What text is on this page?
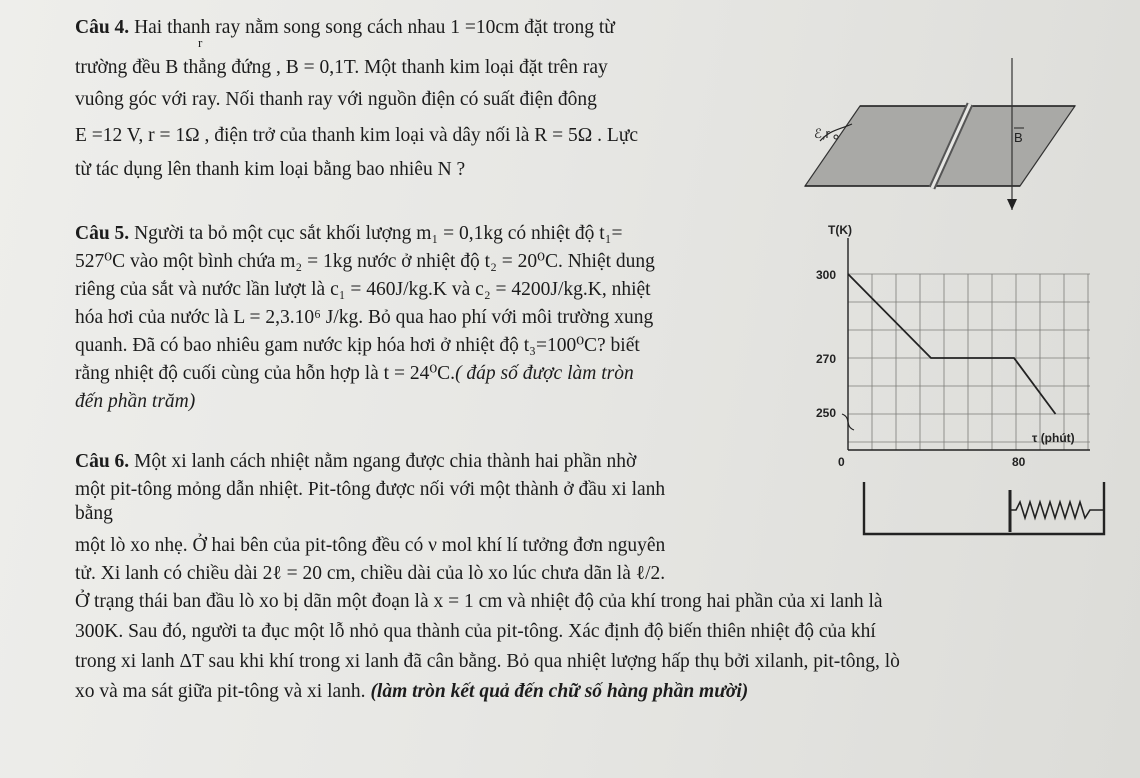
Câu 4. Hai thanh ray nằm song song cách nhau 1 =10cm đặt trong từ
trường đều B thẳng đứng , B = 0,1T. Một thanh kim loại đặt trên ray
vuông góc với ray. Nối thanh ray với nguồn điện có suất điện đông
E =12 V, r = 1Ω , điện trở của thanh kim loại và dây nối là R = 5Ω . Lực
từ tác dụng lên thanh kim loại bằng bao nhiêu N ?
r
ℰ,r	B
Câu 5. Người ta bỏ một cục sắt khối lượng m₁ = 0,1kg có nhiệt độ t₁=
527⁰C vào một bình chứa m₂ = 1kg nước ở nhiệt độ t₂ = 20⁰C. Nhiệt dung
riêng của sắt và nước lần lượt là c₁ = 460J/kg.K và c₂ = 4200J/kg.K, nhiệt
hóa hơi của nước là L = 2,3.10⁶ J/kg. Bỏ qua hao phí với môi trường xung
quanh. Đã có bao nhiêu gam nước kịp hóa hơi ở nhiệt độ t₃=100⁰C? biết
rằng nhiệt độ cuối cùng của hỗn hợp là t = 24⁰C.( đáp số được làm tròn
đến phần trăm)
T(K)
τ (phút)
300
270
250
0	80
Câu 6. Một xi lanh cách nhiệt nằm ngang được chia thành hai phần nhờ
một pit-tông mỏng dẫn nhiệt. Pit-tông được nối với một thành ở đầu xi lanh
bằng
một lò xo nhẹ. Ở hai bên của pit-tông đều có ν mol khí lí tưởng đơn nguyên
tử. Xi lanh có chiều dài 2ℓ = 20 cm, chiều dài của lò xo lúc chưa dãn là ℓ/2.
Ở trạng thái ban đầu lò xo bị dãn một đoạn là x = 1 cm và nhiệt độ của khí trong hai phần của xi lanh là
300K. Sau đó, người ta đục một lỗ nhỏ qua thành của pit-tông. Xác định độ biến thiên nhiệt độ của khí
trong xi lanh ΔT sau khi khí trong xi lanh đã cân bằng. Bỏ qua nhiệt lượng hấp thụ bởi xilanh, pit-tông, lò
xo và ma sát giữa pit-tông và xi lanh. (làm tròn kết quả đến chữ số hàng phần mười)
